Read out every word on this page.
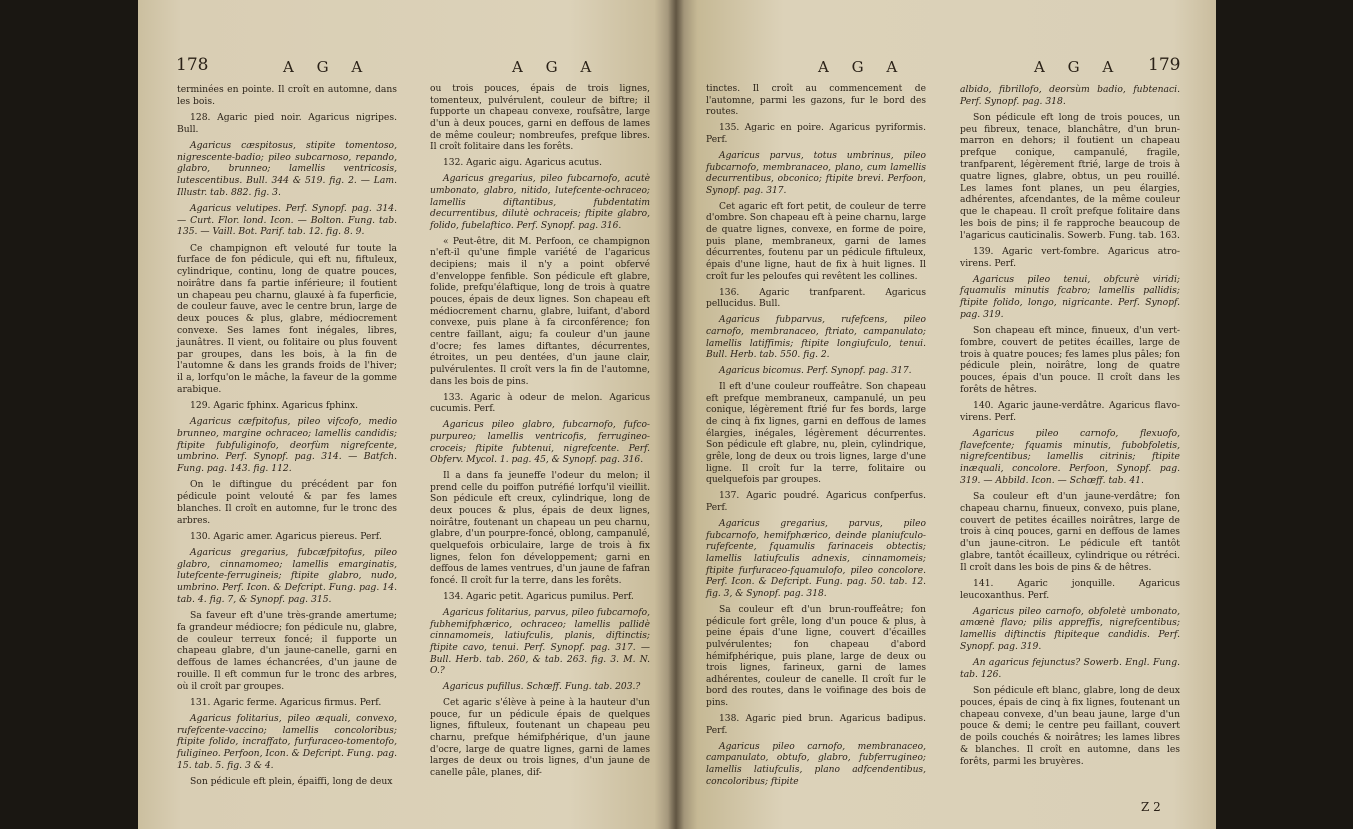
178	A G A	A G A

terminées en pointe. Il croît en automne, dans les bois.

128. Agaric pied noir. Agaricus nigripes. Bull.

Agaricus cæspitosus, stipite tomentoso, nigrescente-badio; pileo subcarnoso, repando, glabro, brunneo; lamellis ventricosis, lutescentibus. Bull. 344 & 519. fig. 2. — Lam. Illustr. tab. 882. fig. 3.

Agaricus velutipes. Perf. Synopf. pag. 314. — Curt. Flor. lond. Icon. — Bolton. Fung. tab. 135. — Vaill. Bot. Parif. tab. 12. fig. 8. 9.

Ce champignon eft velouté fur toute la furface de fon pédicule, qui eft nu, fiftuleux, cylindrique, continu, long de quatre pouces, noirâtre dans fa partie inférieure; il foutient un chapeau peu charnu, glauxé à fa fuperficie, de couleur fauve, avec le centre brun, large de deux pouces & plus, glabre, médiocrement convexe. Ses lames font inégales, libres, jaunâtres. Il vient, ou folitaire ou plus fouvent par groupes, dans les bois, à la fin de l'automne & dans les grands froids de l'hiver; il a, lorfqu'on le mâche, la faveur de la gomme arabique.

129. Agaric fphinx. Agaricus fphinx.

Agaricus cæfpitofus, pileo vifcofo, medio brunneo, margine ochraceo; lamellis candidis; ftipite fubfuliginofo, deorfùm nigrefcente, umbrino. Perf. Synopf. pag. 314. — Batfch. Fung. pag. 143. fig. 112.

On le diftingue du précédent par fon pédicule point velouté & par fes lames blanches. Il croît en automne, fur le tronc des arbres.

130. Agaric amer. Agaricus piereus. Perf.

Agaricus gregarius, fubcæfpitofus, pileo glabro, cinnamomeo; lamellis emarginatis, lutefcente-ferrugineis; ftipite glabro, nudo, umbrino. Perf. Icon. & Defcript. Fung. pag. 14. tab. 4. fig. 7, & Synopf. pag. 315.

Sa faveur eft d'une très-grande amertume; fa grandeur médiocre; fon pédicule nu, glabre, de couleur terreux foncé; il fupporte un chapeau glabre, d'un jaune-canelle, garni en deffous de lames échancrées, d'un jaune de rouille. Il eft commun fur le tronc des arbres, où il croît par groupes.

131. Agaric ferme. Agaricus firmus. Perf.

Agaricus folitarius, pileo æquali, convexo, rufefcente-vaccino; lamellis concoloribus; ftipite folido, incraffato, furfuraceo-tomentofo, fuligineo. Perfoon, Icon. & Defcript. Fung. pag. 15. tab. 5. fig. 3 & 4.

Son pédicule eft plein, épaiffi, long de deux

ou trois pouces, épais de trois lignes, tomenteux, pulvérulent, couleur de biftre; il fupporte un chapeau convexe, roufsâtre, large d'un à deux pouces, garni en deffous de lames de même couleur; nombreufes, prefque libres. Il croît folitaire dans les forêts.

132. Agaric aigu. Agaricus acutus.

Agaricus gregarius, pileo fubcarnofo, acutè umbonato, glabro, nitido, lutefcente-ochraceo; lamellis diftantibus, fubdentatim decurrentibus, dilutè ochraceis; ftipite glabro, folido, fubelaftico. Perf. Synopf. pag. 316.

« Peut-être, dit M. Perfoon, ce champignon n'eft-il qu'une fimple variété de l'agaricus decipiens; mais il n'y a point obfervé d'enveloppe fenfible. Son pédicule eft glabre, folide, prefqu'élaftique, long de trois à quatre pouces, épais de deux lignes. Son chapeau eft médiocrement charnu, glabre, luifant, d'abord convexe, puis plane à fa circonférence; fon centre faillant, aigu; fa couleur d'un jaune d'ocre; fes lames diftantes, décurrentes, étroites, un peu dentées, d'un jaune clair, pulvérulentes. Il croît vers la fin de l'automne, dans les bois de pins.

133. Agaric à odeur de melon. Agaricus cucumis. Perf.

Agaricus pileo glabro, fubcarnofo, fufco-purpureo; lamellis ventricofis, ferrugineo-croceis; ftipite fubtenui, nigrefcente. Perf. Obferv. Mycol. 1. pag. 45, & Synopf. pag. 316.

Il a dans fa jeuneffe l'odeur du melon; il prend celle du poiffon putréfié lorfqu'il vieillit. Son pédicule eft creux, cylindrique, long de deux pouces & plus, épais de deux lignes, noirâtre, foutenant un chapeau un peu charnu, glabre, d'un pourpre-foncé, oblong, campanulé, quelquefois orbiculaire, large de trois à fix lignes, felon fon développement; garni en deffous de lames ventrues, d'un jaune de fafran foncé. Il croît fur la terre, dans les forêts.

134. Agaric petit. Agaricus pumilus. Perf.

Agaricus folitarius, parvus, pileo fubcarnofo, fubhemifphærico, ochraceo; lamellis pallidè cinnamomeis, latiufculis, planis, diftinctis; ftipite cavo, tenui. Perf. Synopf. pag. 317. — Bull. Herb. tab. 260, & tab. 263. fig. 3. M. N. O.?

Agaricus pufillus. Schœff. Fung. tab. 203.?

Cet agaric s'élève à peine à la hauteur d'un pouce, fur un pédicule épais de quelques lignes, fiftuleux, foutenant un chapeau peu charnu, prefque hémifphérique, d'un jaune d'ocre, large de quatre lignes, garni de lames larges de deux ou trois lignes, d'un jaune de canelle pâle, planes, dif-

A G A	A G A 179

tinctes. Il croît au commencement de l'automne, parmi les gazons, fur le bord des routes.

135. Agaric en poire. Agaricus pyriformis. Perf.

Agaricus parvus, totus umbrinus, pileo fubcarnofo, membranaceo, plano, cum lamellis decurrentibus, obconico; ftipite brevi. Perfoon, Synopf. pag. 317.

Cet agaric eft fort petit, de couleur de terre d'ombre. Son chapeau eft à peine charnu, large de quatre lignes, convexe, en forme de poire, puis plane, membraneux, garni de lames décurrentes, foutenu par un pédicule fiftuleux, épais d'une ligne, haut de fix à huit lignes. Il croît fur les peloufes qui revêtent les collines.

136. Agaric tranfparent. Agaricus pellucidus. Bull.

Agaricus fubparvus, rufefcens, pileo carnofo, membranaceo, ftriato, campanulato; lamellis latiffimis; ftipite longiufculo, tenui. Bull. Herb. tab. 550. fig. 2.

Agaricus bicomus. Perf. Synopf. pag. 317.

Il eft d'une couleur rouffeâtre. Son chapeau eft prefque membraneux, campanulé, un peu conique, légèrement ftrié fur fes bords, large de cinq à fix lignes, garni en deffous de lames élargies, inégales, légèrement décurrentes. Son pédicule eft glabre, nu, plein, cylindrique, grêle, long de deux ou trois lignes, large d'une ligne. Il croît fur la terre, folitaire ou quelquefois par groupes.

137. Agaric poudré. Agaricus confperfus. Perf.

Agaricus gregarius, parvus, pileo fubcarnofo, hemifphærico, deinde planiufculo-rufefcente, fquamulis farinaceis obtectis; lamellis latiufculis adnexis, cinnamomeis; ftipite furfuraceo-fquamulofo, pileo concolore. Perf. Icon. & Defcript. Fung. pag. 50. tab. 12. fig. 3, & Synopf. pag. 318.

Sa couleur eft d'un brun-rouffeâtre; fon pédicule fort grêle, long d'un pouce & plus, à peine épais d'une ligne, couvert d'écailles pulvérulentes; fon chapeau d'abord hémifphérique, puis plane, large de deux ou trois lignes, farineux, garni de lames adhérentes, couleur de canelle. Il croît fur le bord des routes, dans le voifinage des bois de pins.

138. Agaric pied brun. Agaricus badipus. Perf.

Agaricus pileo carnofo, membranaceo, campanulato, obtufo, glabro, fubferrugineo; lamellis latiufculis, plano adfcendentibus, concoloribus; ftipite

albido, fibrillofo, deorsùm badio, fubtenaci. Perf. Synopf. pag. 318.

Son pédicule eft long de trois pouces, un peu fibreux, tenace, blanchâtre, d'un brun-marron en dehors; il foutient un chapeau prefque conique, campanulé, fragile, tranfparent, légèrement ftrié, large de trois à quatre lignes, glabre, obtus, un peu rouillé. Les lames font planes, un peu élargies, adhérentes, afcendantes, de la même couleur que le chapeau. Il croît prefque folitaire dans les bois de pins; il fe rapproche beaucoup de l'agaricus cauticinalis. Sowerb. Fung. tab. 163.

139. Agaric vert-fombre. Agaricus atro-virens. Perf.

Agaricus pileo tenui, obfcurè viridi; fquamulis minutis fcabro; lamellis pallidis; ftipite folido, longo, nigricante. Perf. Synopf. pag. 319.

Son chapeau eft mince, finueux, d'un vert-fombre, couvert de petites écailles, large de trois à quatre pouces; fes lames plus pâles; fon pédicule plein, noirâtre, long de quatre pouces, épais d'un pouce. Il croît dans les forêts de hêtres.

140. Agaric jaune-verdâtre. Agaricus flavo-virens. Perf.

Agaricus pileo carnofo, flexuofo, flavefcente; fquamis minutis, fubobfoletis, nigrefcentibus; lamellis citrinis; ftipite inæquali, concolore. Perfoon, Synopf. pag. 319. — Abbild. Icon. — Schœff. tab. 41.

Sa couleur eft d'un jaune-verdâtre; fon chapeau charnu, finueux, convexo, puis plane, couvert de petites écailles noirâtres, large de trois à cinq pouces, garni en deffous de lames d'un jaune-citron. Le pédicule eft tantôt glabre, tantôt écailleux, cylindrique ou rétréci. Il croît dans les bois de pins & de hêtres.

141. Agaric jonquille. Agaricus leucoxanthus. Perf.

Agaricus pileo carnofo, obfoletè umbonato, amœnè flavo; pilis appreffis, nigrefcentibus; lamellis diftinctis ftipiteque candidis. Perf. Synopf. pag. 319.

An agaricus fejunctus? Sowerb. Engl. Fung. tab. 126.

Son pédicule eft blanc, glabre, long de deux pouces, épais de cinq à fix lignes, foutenant un chapeau convexe, d'un beau jaune, large d'un pouce & demi; le centre peu faillant, couvert de poils couchés & noirâtres; les lames libres & blanches. Il croît en automne, dans les forêts, parmi les bruyères.

Z 2
